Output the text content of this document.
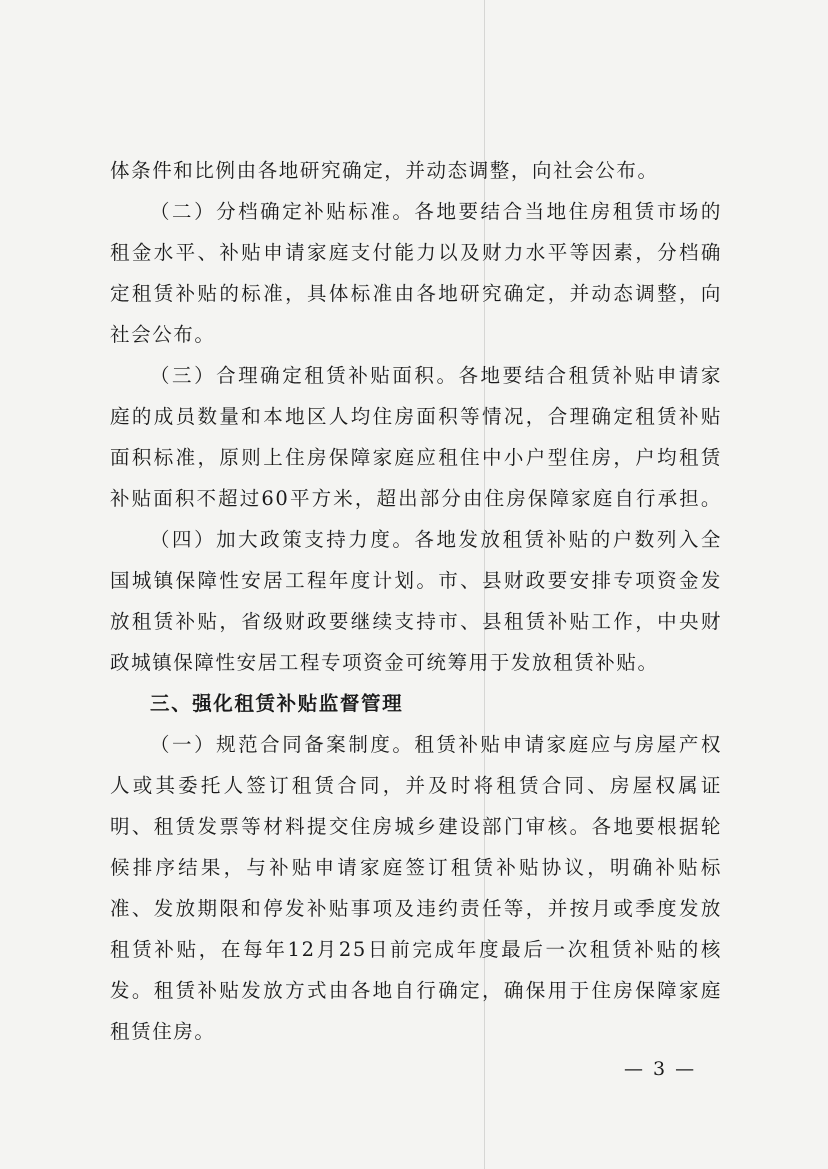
体条件和比例由各地研究确定，并动态调整，向社会公布。
（二）分档确定补贴标准。各地要结合当地住房租赁市场的
租金水平、补贴申请家庭支付能力以及财力水平等因素，分档确
定租赁补贴的标准，具体标准由各地研究确定，并动态调整，向
社会公布。
（三）合理确定租赁补贴面积。各地要结合租赁补贴申请家
庭的成员数量和本地区人均住房面积等情况，合理确定租赁补贴
面积标准，原则上住房保障家庭应租住中小户型住房，户均租赁
补贴面积不超过60平方米，超出部分由住房保障家庭自行承担。
（四）加大政策支持力度。各地发放租赁补贴的户数列入全
国城镇保障性安居工程年度计划。市、县财政要安排专项资金发
放租赁补贴，省级财政要继续支持市、县租赁补贴工作，中央财
政城镇保障性安居工程专项资金可统筹用于发放租赁补贴。
三、强化租赁补贴监督管理
（一）规范合同备案制度。租赁补贴申请家庭应与房屋产权
人或其委托人签订租赁合同，并及时将租赁合同、房屋权属证
明、租赁发票等材料提交住房城乡建设部门审核。各地要根据轮
候排序结果，与补贴申请家庭签订租赁补贴协议，明确补贴标
准、发放期限和停发补贴事项及违约责任等，并按月或季度发放
租赁补贴，在每年12月25日前完成年度最后一次租赁补贴的核
发。租赁补贴发放方式由各地自行确定，确保用于住房保障家庭
租赁住房。
— 3 —
